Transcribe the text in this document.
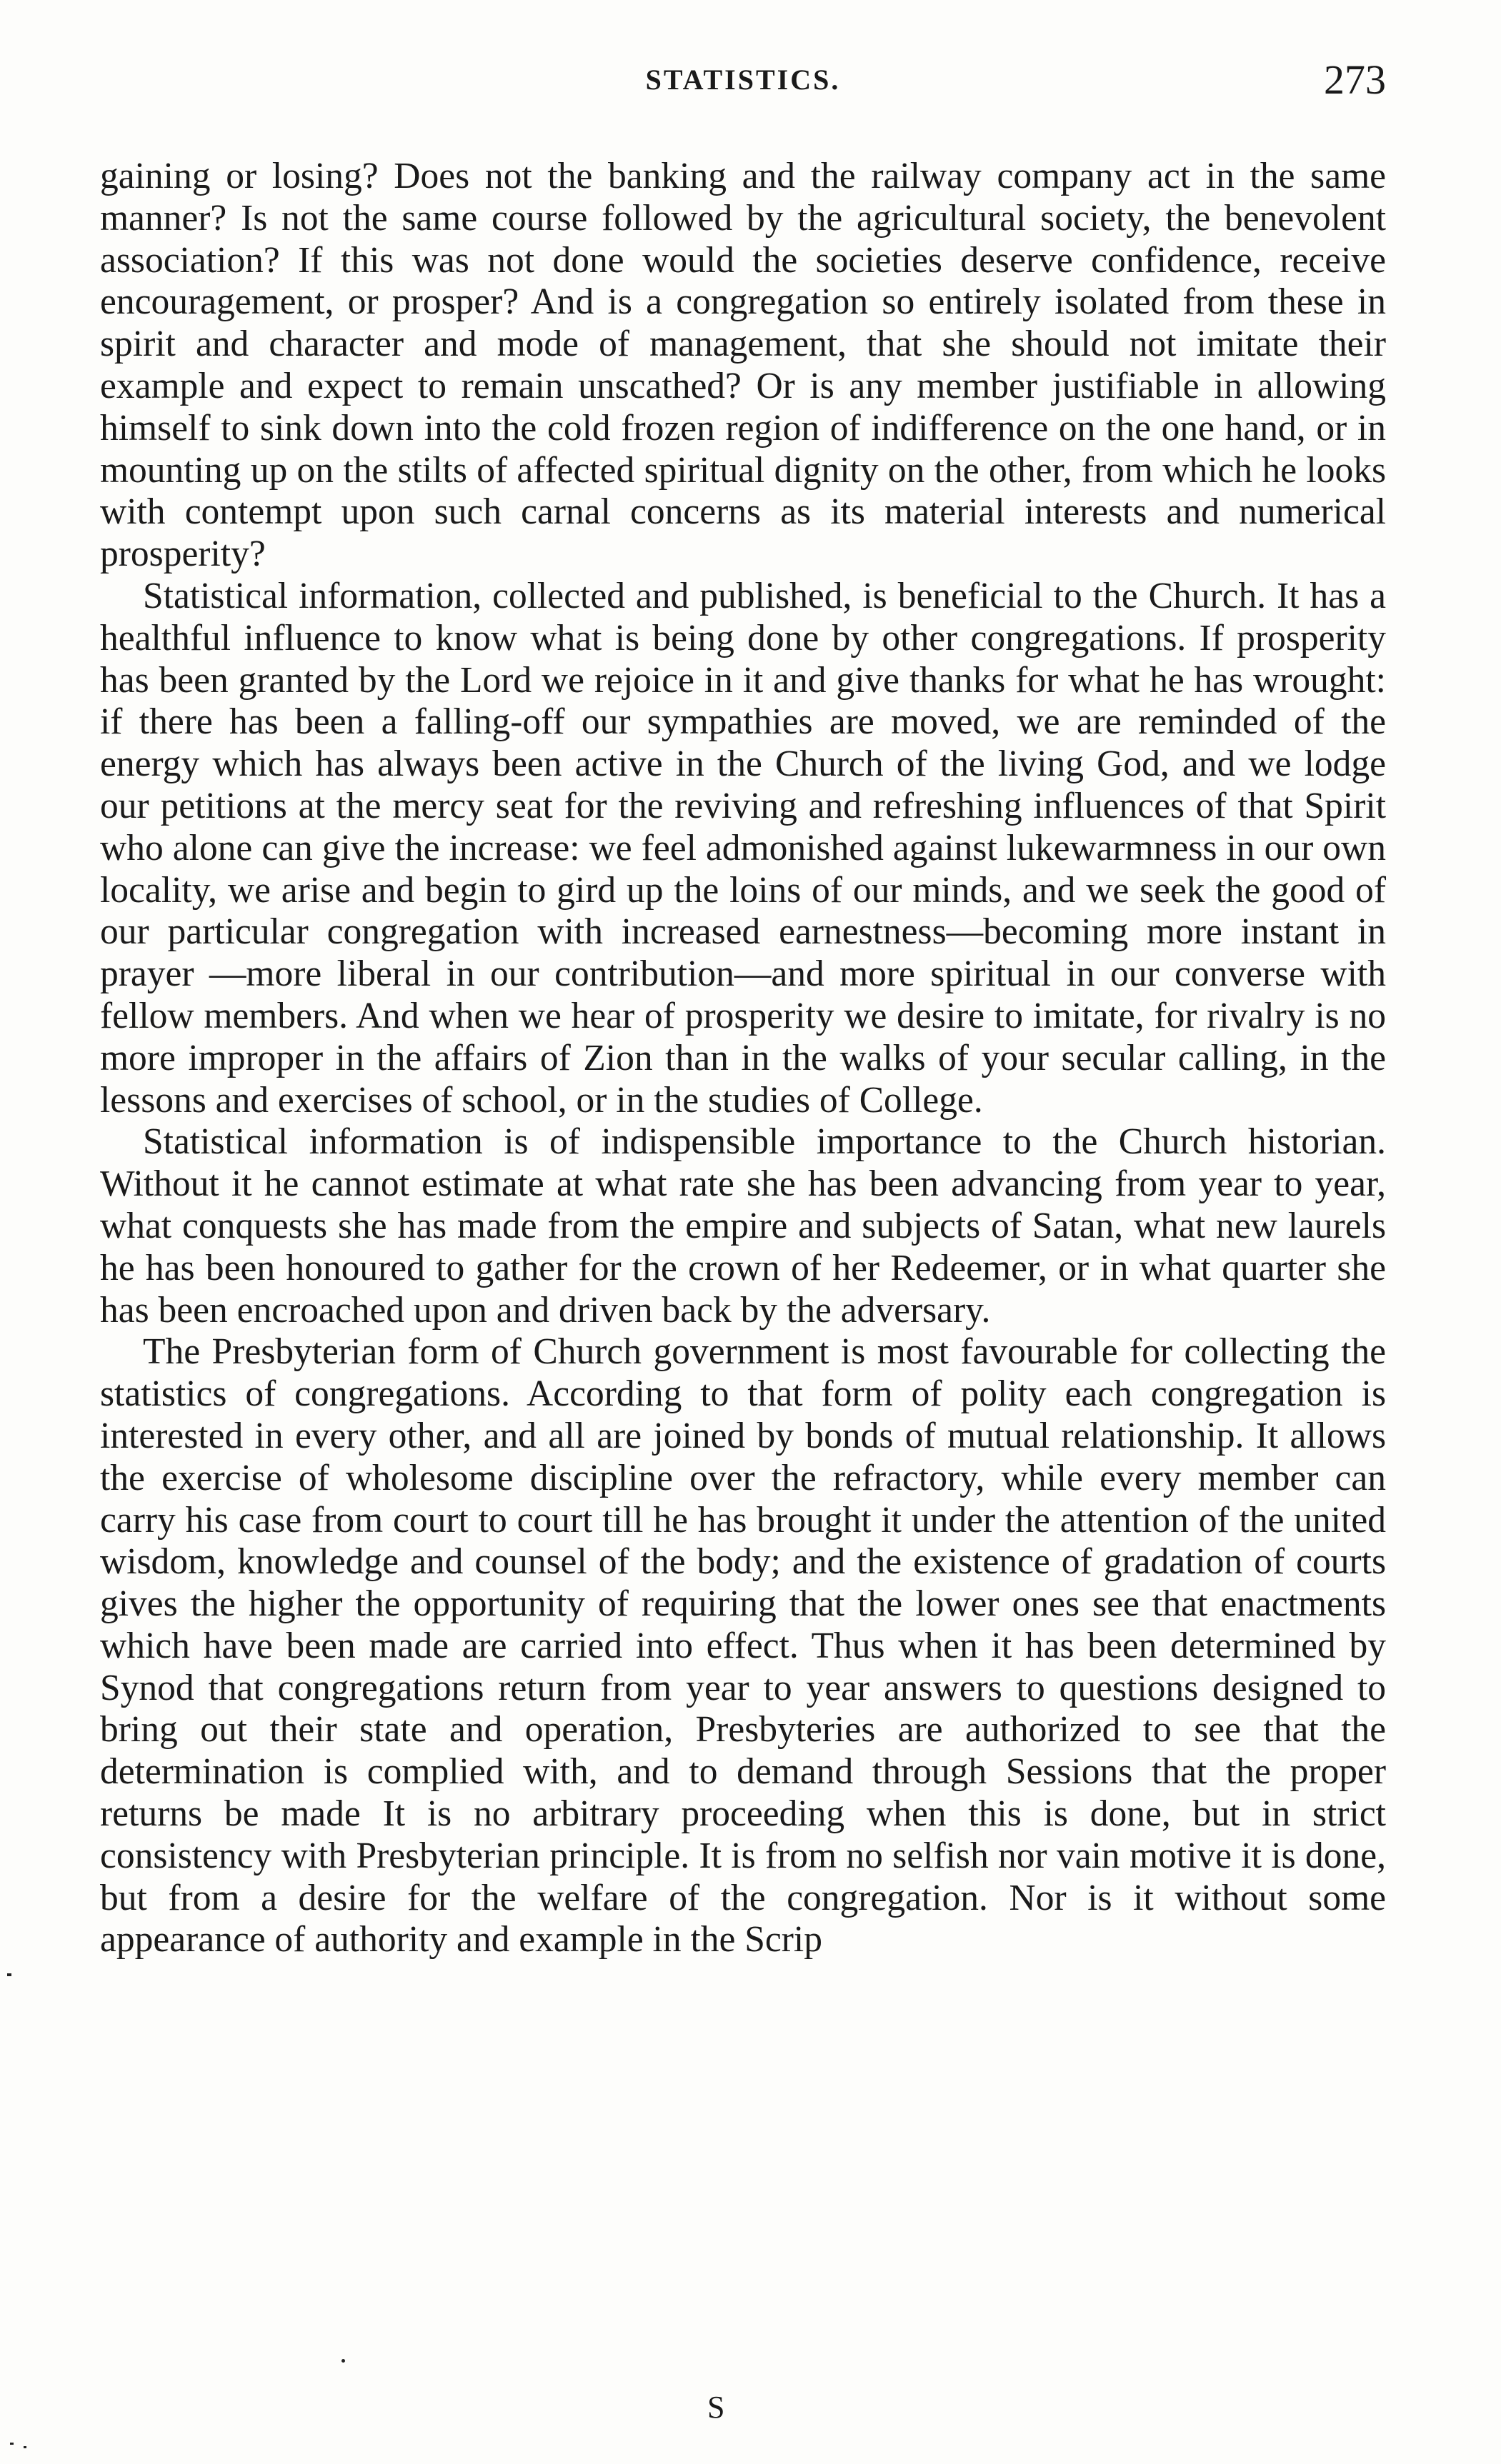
STATISTICS.	273

gaining or losing? Does not the banking and the railway company act in the same manner? Is not the same course followed by the agricultural society, the benevolent association? If this was not done would the societies deserve confidence, receive encouragement, or prosper? And is a congregation so entirely isolated from these in spirit and character and mode of management, that she should not imitate their example and expect to remain unscathed? Or is any member justifiable in allowing himself to sink down into the cold frozen region of indifference on the one hand, or in mounting up on the stilts of affected spiritual dignity on the other, from which he looks with contempt upon such carnal concerns as its material interests and numerical prosperity?

Statistical information, collected and published, is beneficial to the Church. It has a healthful influence to know what is being done by other congregations. If prosperity has been granted by the Lord we rejoice in it and give thanks for what he has wrought: if there has been a falling-off our sympathies are moved, we are reminded of the energy which has always been active in the Church of the living God, and we lodge our petitions at the mercy seat for the reviving and refreshing influences of that Spirit who alone can give the increase: we feel admonished against lukewarmness in our own locality, we arise and begin to gird up the loins of our minds, and we seek the good of our particular congregation with increased earnestness—becoming more instant in prayer —more liberal in our contribution—and more spiritual in our converse with fellow members. And when we hear of prosperity we desire to imitate, for rivalry is no more improper in the affairs of Zion than in the walks of your secular calling, in the lessons and exercises of school, or in the studies of College.

Statistical information is of indispensible importance to the Church historian. Without it he cannot estimate at what rate she has been advancing from year to year, what conquests she has made from the empire and subjects of Satan, what new laurels he has been honoured to gather for the crown of her Redeemer, or in what quarter she has been encroached upon and driven back by the adversary.

The Presbyterian form of Church government is most favourable for collecting the statistics of congregations. According to that form of polity each congregation is interested in every other, and all are joined by bonds of mutual relationship. It allows the exercise of wholesome discipline over the refractory, while every member can carry his case from court to court till he has brought it under the attention of the united wisdom, knowledge and counsel of the body; and the existence of gradation of courts gives the higher the opportunity of requiring that the lower ones see that enactments which have been made are carried into effect. Thus when it has been determined by Synod that congregations return from year to year answers to questions designed to bring out their state and operation, Presbyteries are authorized to see that the determination is complied with, and to demand through Sessions that the proper returns be made It is no arbitrary proceeding when this is done, but in strict consistency with Presbyterian principle. It is from no selfish nor vain motive it is done, but from a desire for the welfare of the congregation. Nor is it without some appearance of authority and example in the Scrip

S
